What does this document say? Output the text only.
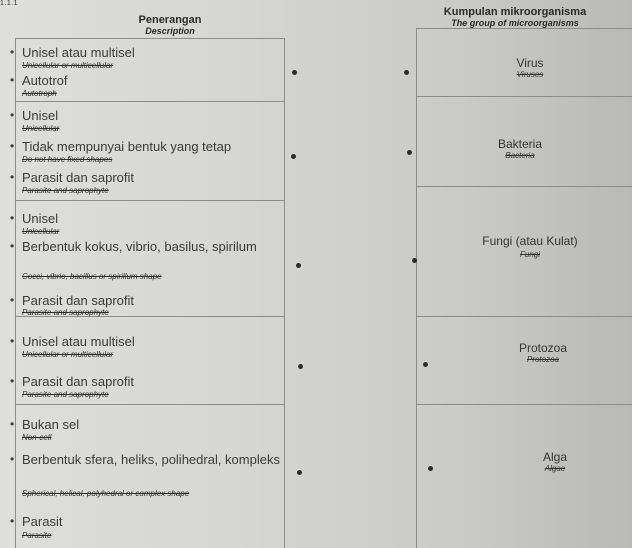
1.1.1
Penerangan
Description
Kumpulan mikroorganisma
The group of microorganisms
• Unisel atau multisel
Unicellular or multicellular
• Autotrof
Autotroph
• Unisel
Unicellular
• Tidak mempunyai bentuk yang tetap
Do not have fixed shapes
• Parasit dan saprofit
Parasite and saprophyte
• Unisel
Unicellular
• Berbentuk kokus, vibrio, basilus, spirilum
Cocci, vibrio, bacillus or spirillum shape
• Parasit dan saprofit
Parasite and saprophyte
• Unisel atau multisel
Unicellular or multicellular
• Parasit dan saprofit
Parasite and saprophyte
• Bukan sel
Non-cell
• Berbentuk sfera, heliks, polihedral, kompleks
Spherical, helical, polyhedral or complex shape
• Parasit
Parasite
Virus
Viruses
Bakteria
Bacteria
Fungi (atau Kulat)
Fungi
Protozoa
Protozoa
Alga
Algae
